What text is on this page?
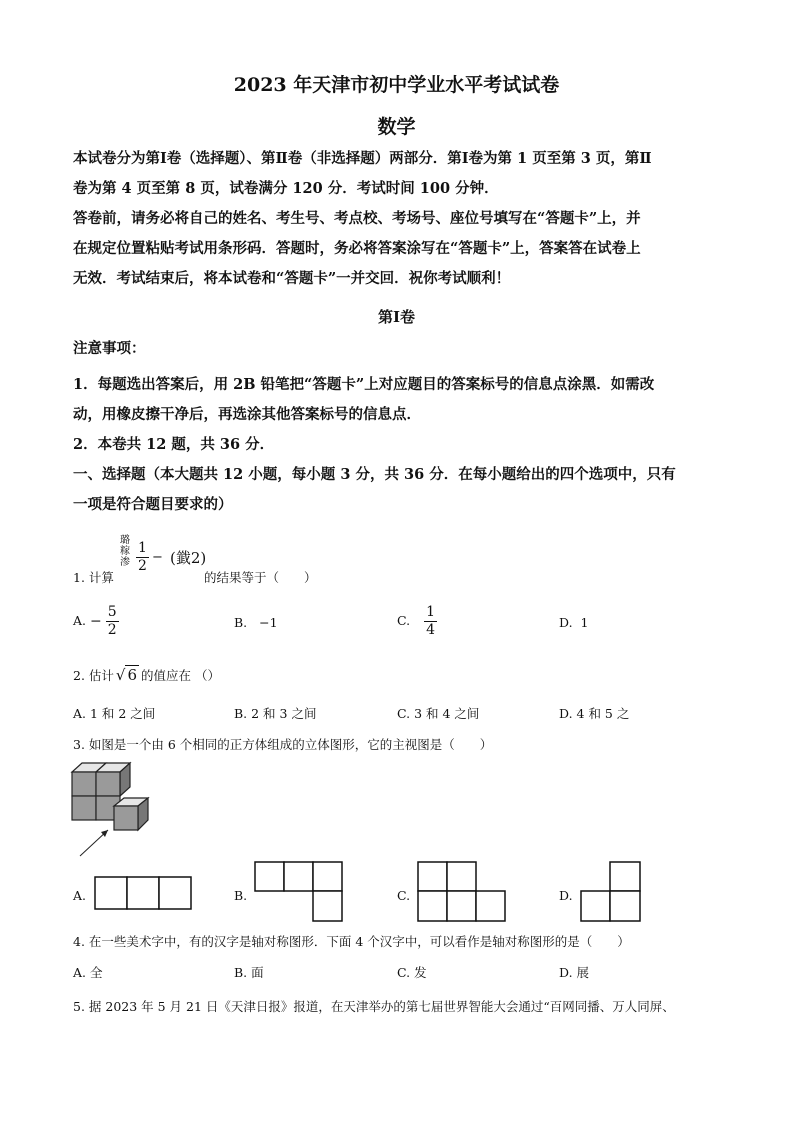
2023 年天津市初中学业水平考试试卷
数学
本试卷分为第Ⅰ卷（选择题）、第Ⅱ卷（非选择题）两部分．第Ⅰ卷为第 1 页至第 3 页，第Ⅱ
卷为第 4 页至第 8 页，试卷满分 120 分．考试时间 100 分钟．
答卷前，请务必将自己的姓名、考生号、考点校、考场号、座位号填写在“答题卡”上，并
在规定位置粘贴考试用条形码．答题时，务必将答案涂写在“答题卡”上，答案答在试卷上
无效．考试结束后，将本试卷和“答题卡”一并交回．祝你考试顺利！
第Ⅰ卷
注意事项：
1．每题选出答案后，用 2B 铅笔把“答题卡”上对应题目的答案标号的信息点涂黑．如需改
动，用橡皮擦干净后，再选涂其他答案标号的信息点．
2．本卷共 12 题，共 36 分．
一、选择题（本大题共 12 小题，每小题 3 分，共 36 分．在每小题给出的四个选项中，只有
一项是符合题目要求的）
璐
糘
渗
1. 计算
$\frac{1}{2}$ − (韱2)
的结果等于（　　）
A. − $\frac{5}{2}$	B. −1	C. $\frac{1}{4}$	D. 1
2. 估计 √ 6 的值应在 （）
A. 1 和 2 之间	B. 2 和 3 之间	C. 3 和 4 之间	D. 4 和 5 之
3. 如图是一个由 6 个相同的正方体组成的立体图形，它的主视图是（　　）
A.	B.	C.	D.
4. 在一些美术字中，有的汉字是轴对称图形．下面 4 个汉字中，可以看作是轴对称图形的是（　　）
A. 全	B. 面	C. 发	D. 展
5. 据 2023 年 5 月 21 日《天津日报》报道，在天津举办的第七届世界智能大会通过“百网同播、万人同屏、
